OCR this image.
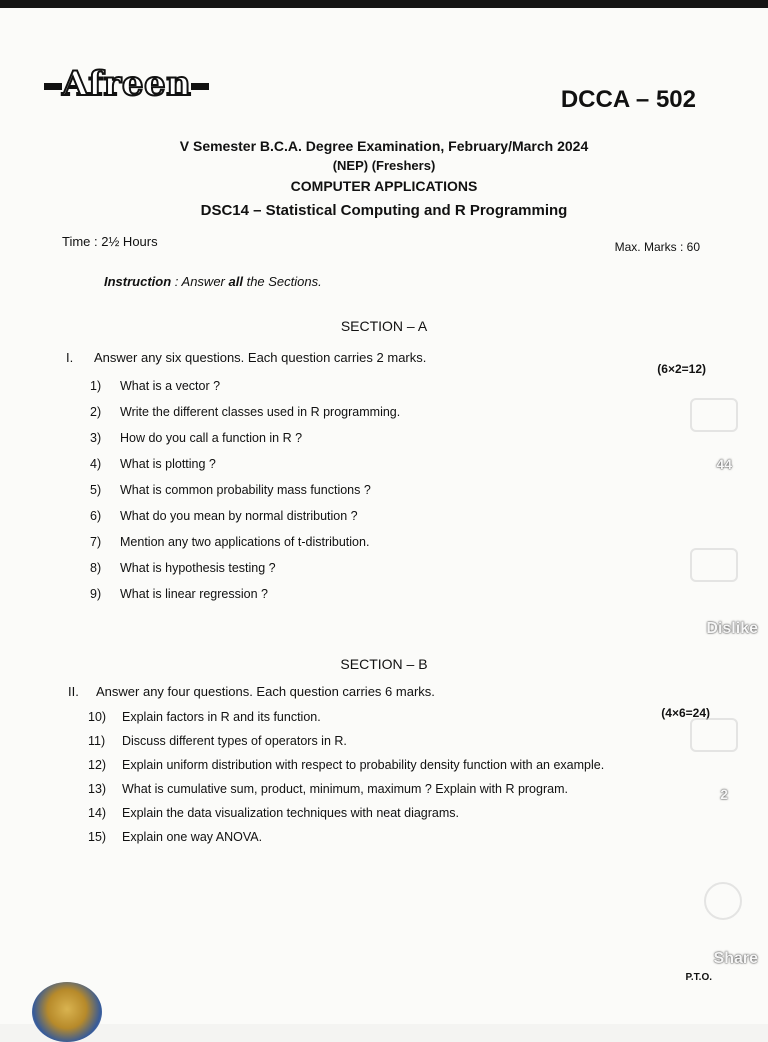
Afreen	DCCA – 502
V Semester B.C.A. Degree Examination, February/March 2024
(NEP) (Freshers)
COMPUTER APPLICATIONS
DSC14 – Statistical Computing and R Programming
Time : 2½ Hours	Max. Marks : 60
Instruction : Answer all the Sections.
SECTION – A
I. Answer any six questions. Each question carries 2 marks.
(6×2=12)
1) What is a vector ?
2) Write the different classes used in R programming.
3) How do you call a function in R ?
4) What is plotting ?
5) What is common probability mass functions ?
6) What do you mean by normal distribution ?
7) Mention any two applications of t-distribution.
8) What is hypothesis testing ?
9) What is linear regression ?
SECTION – B
II. Answer any four questions. Each question carries 6 marks.
(4×6=24)
10)	Explain factors in R and its function.
11)	Discuss different types of operators in R.
12)	Explain uniform distribution with respect to probability density function with an example.
13)	What is cumulative sum, product, minimum, maximum ? Explain with R program.
14)	Explain the data visualization techniques with neat diagrams.
15)	Explain one way ANOVA.
P.T.O.
44
Dislike
2
Share
